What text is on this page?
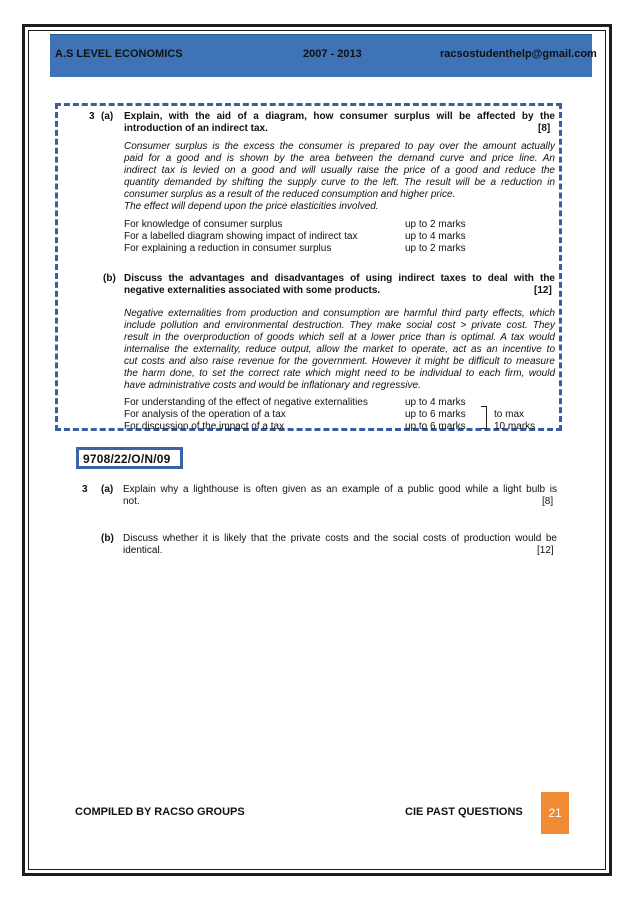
A.S LEVEL ECONOMICS	2007 - 2013	racsostudenthelp@gmail.com
3 (a) Explain, with the aid of a diagram, how consumer surplus will be affected by the
introduction of an indirect tax.	[8]
Consumer surplus is the excess the consumer is prepared to pay over the amount actually
paid for a good and is shown by the area between the demand curve and price line. An
indirect tax is levied on a good and will usually raise the price of a good and reduce the
quantity demanded by shifting the supply curve to the left. The result will be a reduction in
consumer surplus as a result of the reduced consumption and higher price.
The effect will depend upon the price elasticities involved.
For knowledge of consumer surplus	up to 2 marks
For a labelled diagram showing impact of indirect tax	up to 4 marks
For explaining a reduction in consumer surplus	up to 2 marks
(b) Discuss the advantages and disadvantages of using indirect taxes to deal with the
negative externalities associated with some products.	[12]
Negative externalities from production and consumption are harmful third party effects, which
include pollution and environmental destruction. They make social cost > private cost. They
result in the overproduction of goods which sell at a lower price than is optimal. A tax would
internalise the externality, reduce output, allow the market to operate, act as an incentive to
cut costs and also raise revenue for the government. However it might be difficult to measure
the harm done, to set the correct rate which might need to be individual to each firm, would
have administrative costs and would be inflationary and regressive.
For understanding of the effect of negative externalities	up to 4 marks
For analysis of the operation of a tax	up to 6 marks
For discussion of the impact of a tax	up to 6 marks
to max
10 marks
9708/22/O/N/09
3 (a) Explain why a lighthouse is often given as an example of a public good while a light bulb is
not.	[8]
(b) Discuss whether it is likely that the private costs and the social costs of production would be
identical.	[12]
COMPILED BY RACSO GROUPS	CIE PAST QUESTIONS	21
